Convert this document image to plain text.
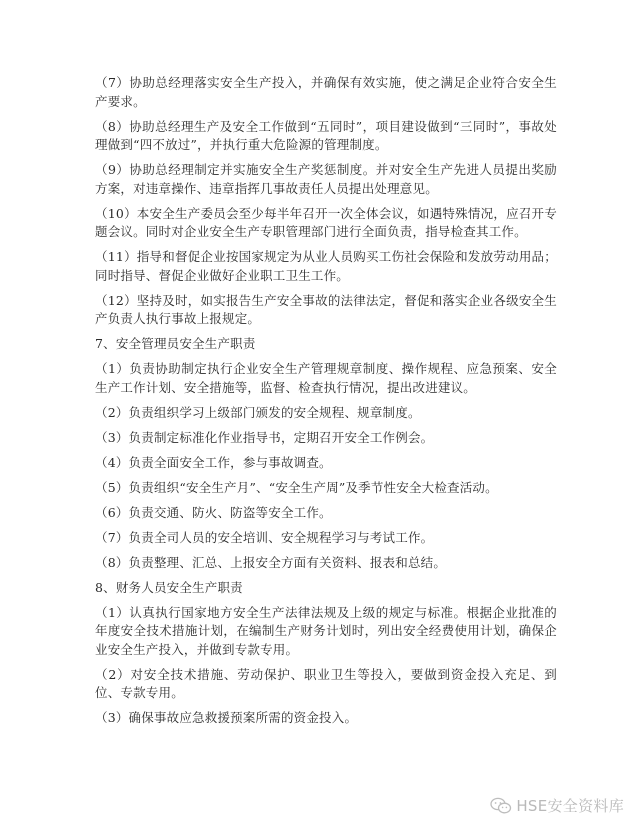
（7）协助总经理落实安全生产投入，并确保有效实施，使之满足企业符合安全生产要求。

（8）协助总经理生产及安全工作做到“五同时”，项目建设做到“三同时”，事故处理做到“四不放过”，并执行重大危险源的管理制度。

（9）协助总经理制定并实施安全生产奖惩制度。并对安全生产先进人员提出奖励方案，对违章操作、违章指挥几事故责任人员提出处理意见。

（10）本安全生产委员会至少每半年召开一次全体会议，如遇特殊情况，应召开专题会议。同时对企业安全生产专职管理部门进行全面负责，指导检查其工作。

（11）指导和督促企业按国家规定为从业人员购买工伤社会保险和发放劳动用品；同时指导、督促企业做好企业职工卫生工作。

（12）坚持及时，如实报告生产安全事故的法律法定，督促和落实企业各级安全生产负责人执行事故上报规定。

7、安全管理员安全生产职责

（1）负责协助制定执行企业安全生产管理规章制度、操作规程、应急预案、安全生产工作计划、安全措施等，监督、检查执行情况，提出改进建议。

（2）负责组织学习上级部门颁发的安全规程、规章制度。

（3）负责制定标准化作业指导书，定期召开安全工作例会。

（4）负责全面安全工作，参与事故调查。

（5）负责组织“安全生产月”、“安全生产周”及季节性安全大检查活动。

（6）负责交通、防火、防盗等安全工作。

（7）负责全司人员的安全培训、安全规程学习与考试工作。

（8）负责整理、汇总、上报安全方面有关资料、报表和总结。

8、财务人员安全生产职责

（1）认真执行国家地方安全生产法律法规及上级的规定与标准。根据企业批准的年度安全技术措施计划，在编制生产财务计划时，列出安全经费使用计划，确保企业安全生产投入，并做到专款专用。

（2）对安全技术措施、劳动保护、职业卫生等投入，要做到资金投入充足、到位、专款专用。

（3）确保事故应急救援预案所需的资金投入。

HSE安全资料库
